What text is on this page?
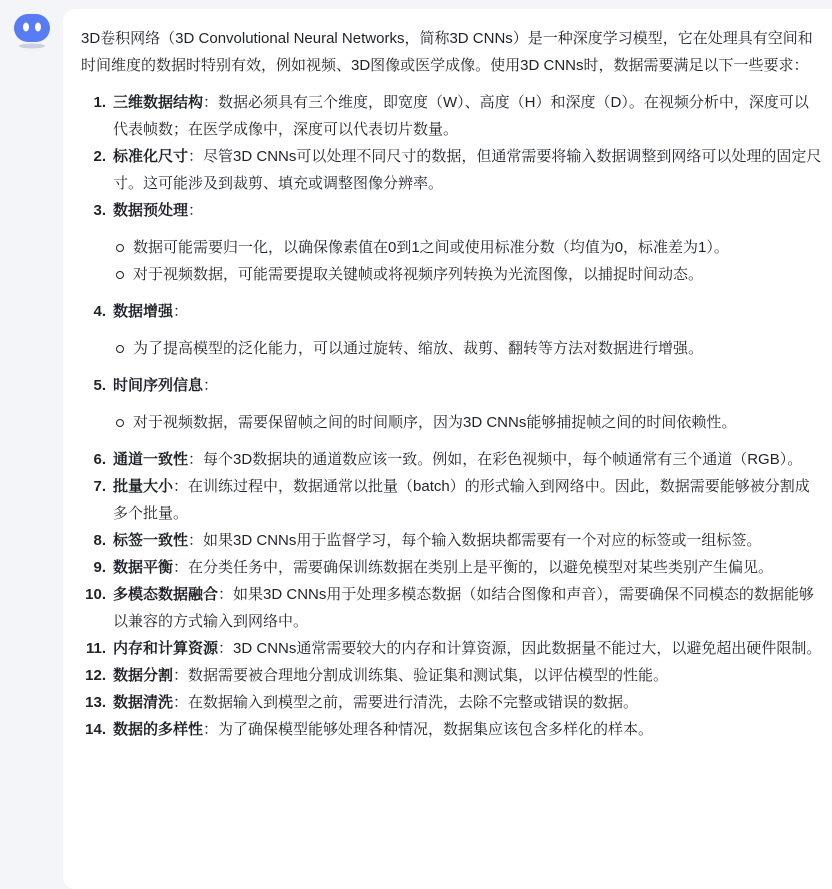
3D卷积网络（3D Convolutional Neural Networks，简称3D CNNs）是一种深度学习模型，它在处理具有空间和时间维度的数据时特别有效，例如视频、3D图像或医学成像。使用3D CNNs时，数据需要满足以下一些要求：

1. 三维数据结构：数据必须具有三个维度，即宽度（W）、高度（H）和深度（D）。在视频分析中，深度可以代表帧数；在医学成像中，深度可以代表切片数量。
2. 标准化尺寸：尽管3D CNNs可以处理不同尺寸的数据，但通常需要将输入数据调整到网络可以处理的固定尺寸。这可能涉及到裁剪、填充或调整图像分辨率。
3. 数据预处理：
数据可能需要归一化，以确保像素值在0到1之间或使用标准分数（均值为0，标准差为1）。
对于视频数据，可能需要提取关键帧或将视频序列转换为光流图像，以捕捉时间动态。
4. 数据增强：
为了提高模型的泛化能力，可以通过旋转、缩放、裁剪、翻转等方法对数据进行增强。
5. 时间序列信息：
对于视频数据，需要保留帧之间的时间顺序，因为3D CNNs能够捕捉帧之间的时间依赖性。
6. 通道一致性：每个3D数据块的通道数应该一致。例如，在彩色视频中，每个帧通常有三个通道（RGB）。
7. 批量大小：在训练过程中，数据通常以批量（batch）的形式输入到网络中。因此，数据需要能够被分割成多个批量。
8. 标签一致性：如果3D CNNs用于监督学习，每个输入数据块都需要有一个对应的标签或一组标签。
9. 数据平衡：在分类任务中，需要确保训练数据在类别上是平衡的，以避免模型对某些类别产生偏见。
10. 多模态数据融合：如果3D CNNs用于处理多模态数据（如结合图像和声音），需要确保不同模态的数据能够以兼容的方式输入到网络中。
11. 内存和计算资源：3D CNNs通常需要较大的内存和计算资源，因此数据量不能过大，以避免超出硬件限制。
12. 数据分割：数据需要被合理地分割成训练集、验证集和测试集，以评估模型的性能。
13. 数据清洗：在数据输入到模型之前，需要进行清洗，去除不完整或错误的数据。
14. 数据的多样性：为了确保模型能够处理各种情况，数据集应该包含多样化的样本。
